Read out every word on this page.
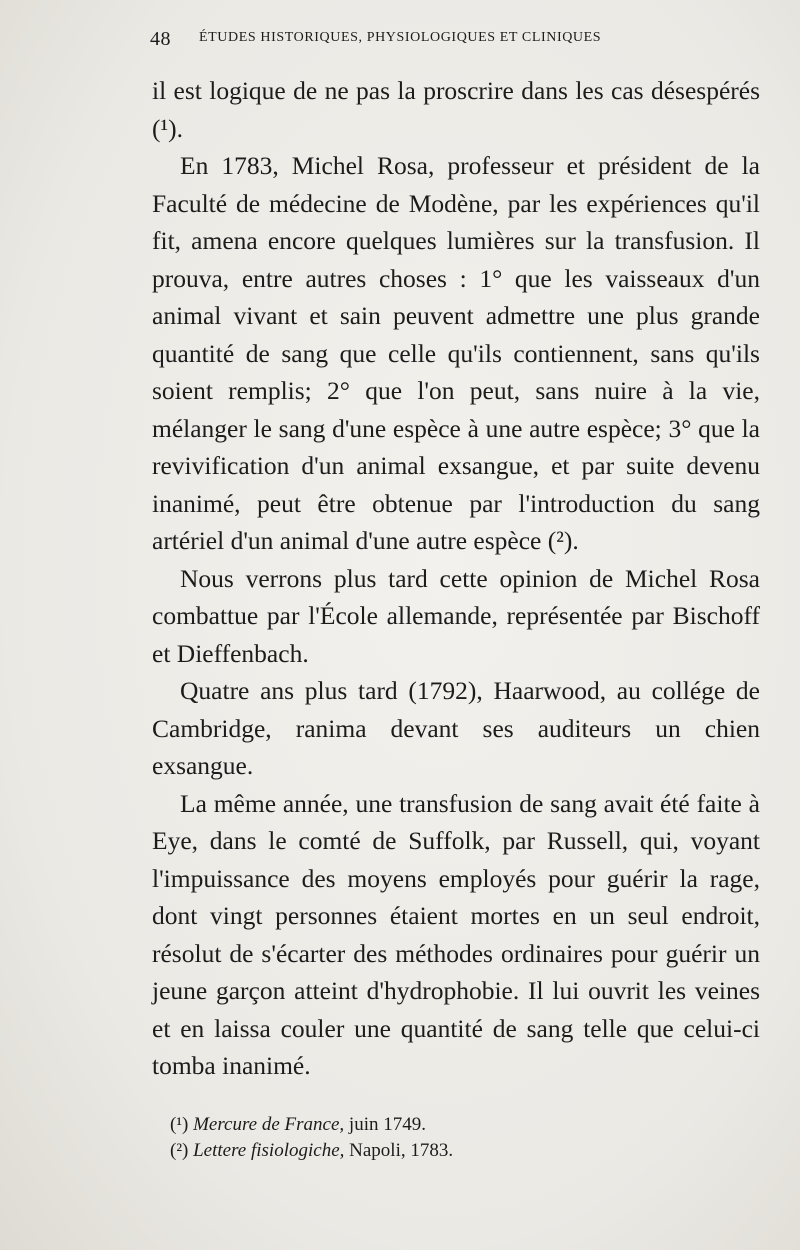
48 ÉTUDES HISTORIQUES, PHYSIOLOGIQUES ET CLINIQUES

il est logique de ne pas la proscrire dans les cas désespérés (¹).

En 1783, Michel Rosa, professeur et président de la Faculté de médecine de Modène, par les expériences qu'il fit, amena encore quelques lumières sur la transfusion. Il prouva, entre autres choses : 1° que les vaisseaux d'un animal vivant et sain peuvent admettre une plus grande quantité de sang que celle qu'ils contiennent, sans qu'ils soient remplis; 2° que l'on peut, sans nuire à la vie, mélanger le sang d'une espèce à une autre espèce; 3° que la revivification d'un animal exsangue, et par suite devenu inanimé, peut être obtenue par l'introduction du sang artériel d'un animal d'une autre espèce (²).

Nous verrons plus tard cette opinion de Michel Rosa combattue par l'École allemande, représentée par Bischoff et Dieffenbach.

Quatre ans plus tard (1792), Haarwood, au collége de Cambridge, ranima devant ses auditeurs un chien exsangue.

La même année, une transfusion de sang avait été faite à Eye, dans le comté de Suffolk, par Russell, qui, voyant l'impuissance des moyens employés pour guérir la rage, dont vingt personnes étaient mortes en un seul endroit, résolut de s'écarter des méthodes ordinaires pour guérir un jeune garçon atteint d'hydrophobie. Il lui ouvrit les veines et en laissa couler une quantité de sang telle que celui-ci tomba inanimé.

(¹) Mercure de France, juin 1749.

(²) Lettere fisiologiche, Napoli, 1783.
